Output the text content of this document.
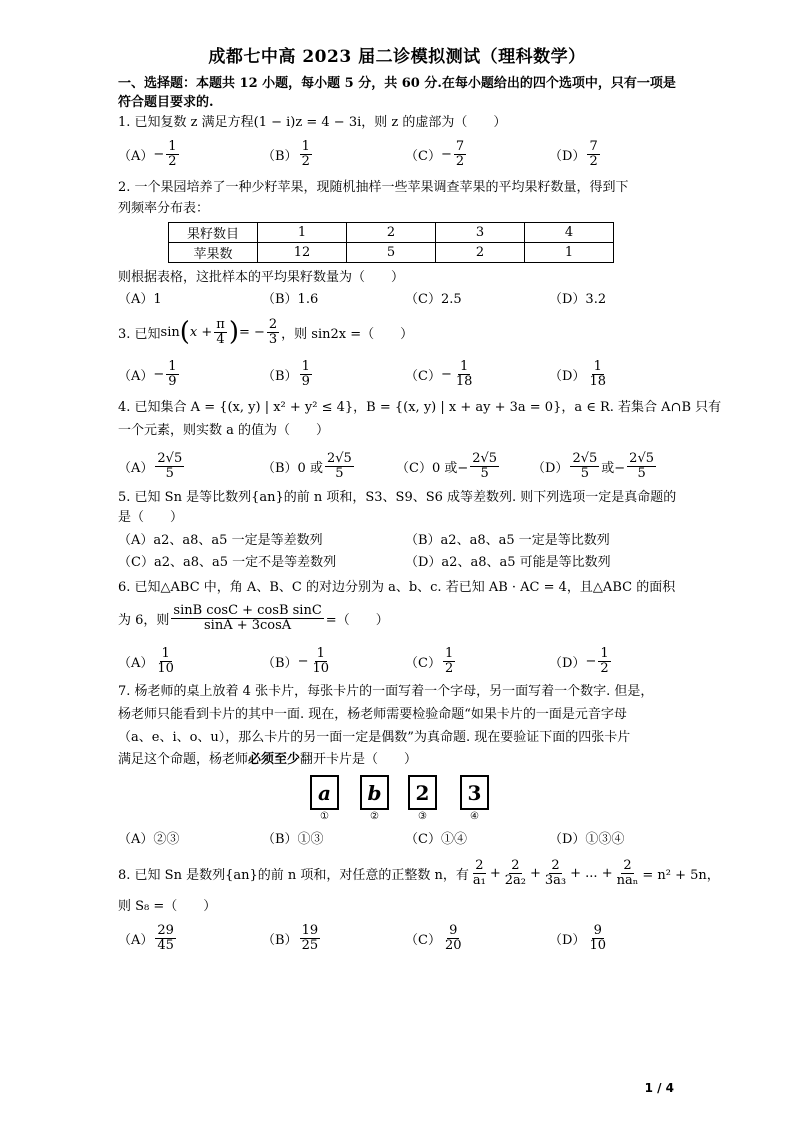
成都七中高 2023 届二诊模拟测试（理科数学）
一、选择题：本题共 12 小题，每小题 5 分，共 60 分.在每小题给出的四个选项中，只有一项是
符合题目要求的.
1. 已知复数 z 满足方程(1 − i)z = 4 − 3i，则 z 的虚部为（　　）
$(A) - \frac{1}{2}$	$(B) \frac{1}{2}$	$(C) - \frac{7}{2}$	$(D) \frac{7}{2}$
2. 一个果园培养了一种少籽苹果，现随机抽样一些苹果调查苹果的平均果籽数量，得到下
列频率分布表：
果籽数目	1	2	3	4
苹果数	12	5	2	1
则根据表格，这批样本的平均果籽数量为（　　）
（A）1	（B）1.6	（C）2.5	（D）3.2
3. 已知 sin ( $x + \frac{\pi}{4}$ ) = − $\frac{2}{3}$ ，则 sin2x =（　　）
$(A) - \frac{1}{9}$	$(B) \frac{1}{9}$	$(C) - \frac{1}{18}$	$(D) \frac{1}{18}$
4. 已知集合 A = {(x, y) | x² + y² ≤ 4}，B = {(x, y) | x + ay + 3a = 0}，a ∈ R. 若集合 A∩B 只有
一个元素，则实数 a 的值为（　　）
$(A) \frac{2√5}{5}$	（B）0 或 $\frac{2√5}{5}$	（C）0 或− $\frac{2√5}{5}$	$(D) \frac{2√5}{5}$ 或− $\frac{2√5}{5}$
5. 已知 Sn 是等比数列{an}的前 n 项和，S3、S9、S6 成等差数列. 则下列选项一定是真命题的
是（　　）
（A）a2、a8、a5 一定是等差数列	（B）a2、a8、a5 一定是等比数列
（C）a2、a8、a5 一定不是等差数列	（D）a2、a8、a5 可能是等比数列
6. 已知△ABC 中，角 A、B、C 的对边分别为 a、b、c. 若已知 AB · AC = 4，且△ABC 的面积
为 6，则 $\frac{\text{sinB cosC + cosB sinC}}{\sin A + 3\cos A}$ =（　　）
$(A) \frac{1}{10}$	$(B) - \frac{1}{10}$	$(C) \frac{1}{2}$	$(D) - \frac{1}{2}$
7. 杨老师的桌上放着 4 张卡片，每张卡片的一面写着一个字母，另一面写着一个数字. 但是，
杨老师只能看到卡片的其中一面. 现在，杨老师需要检验命题“如果卡片的一面是元音字母
（a、e、i、o、u），那么卡片的另一面一定是偶数”为真命题. 现在要验证下面的四张卡片
满足这个命题，杨老师必须至少翻开卡片是（　　）
a	b	2	3
①	②	③	④
（A）②③	（B）①③	（C）①④	（D）①③④
8. 已知 Sn 是数列{an}的前 n 项和，对任意的正整数 n，有 $\frac{2}{\text{a₁}} + \frac{2}{\text{2a₂}} + \frac{2}{\text{3a₃}}$ + ... + $\frac{2}{\text{naₙ}} = n^2 + 5n$，
则 S₈ =（　　）
$(A) \frac{29}{45}$	$(B) \frac{19}{25}$	$(C) \frac{9}{20}$	$(D) \frac{9}{10}$
1 / 4
